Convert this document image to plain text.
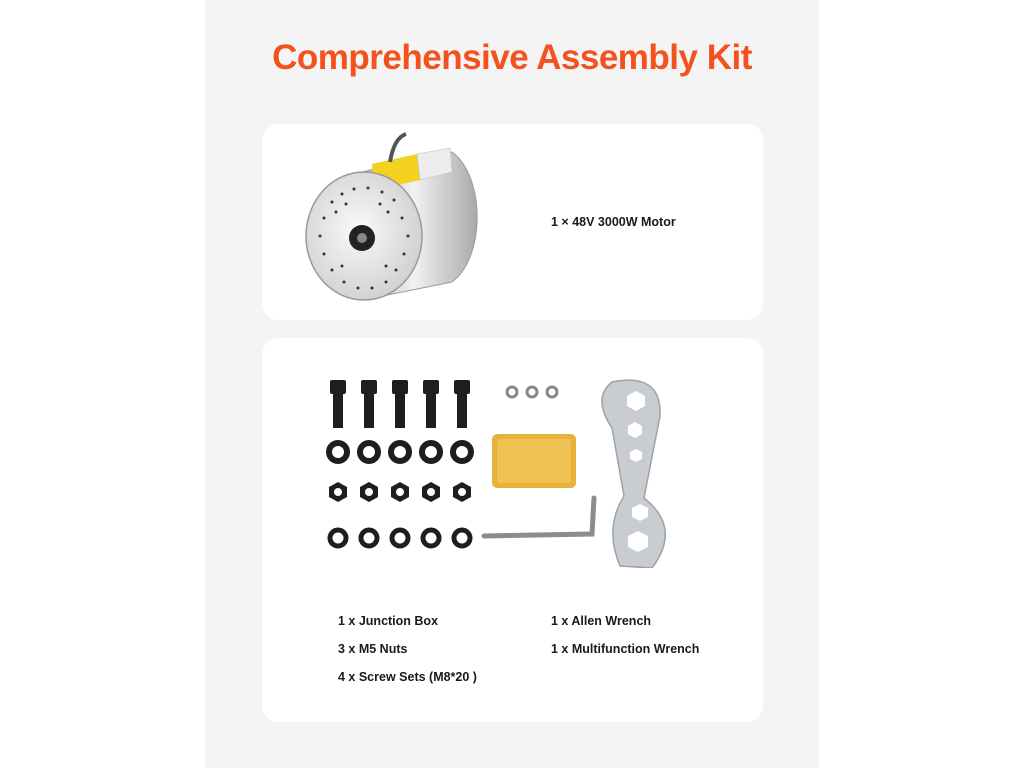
Comprehensive Assembly Kit
1 × 48V 3000W Motor
1 x Junction Box
3 x M5 Nuts
4 x Screw Sets (M8*20 )
1 x Allen Wrench
1 x Multifunction Wrench
